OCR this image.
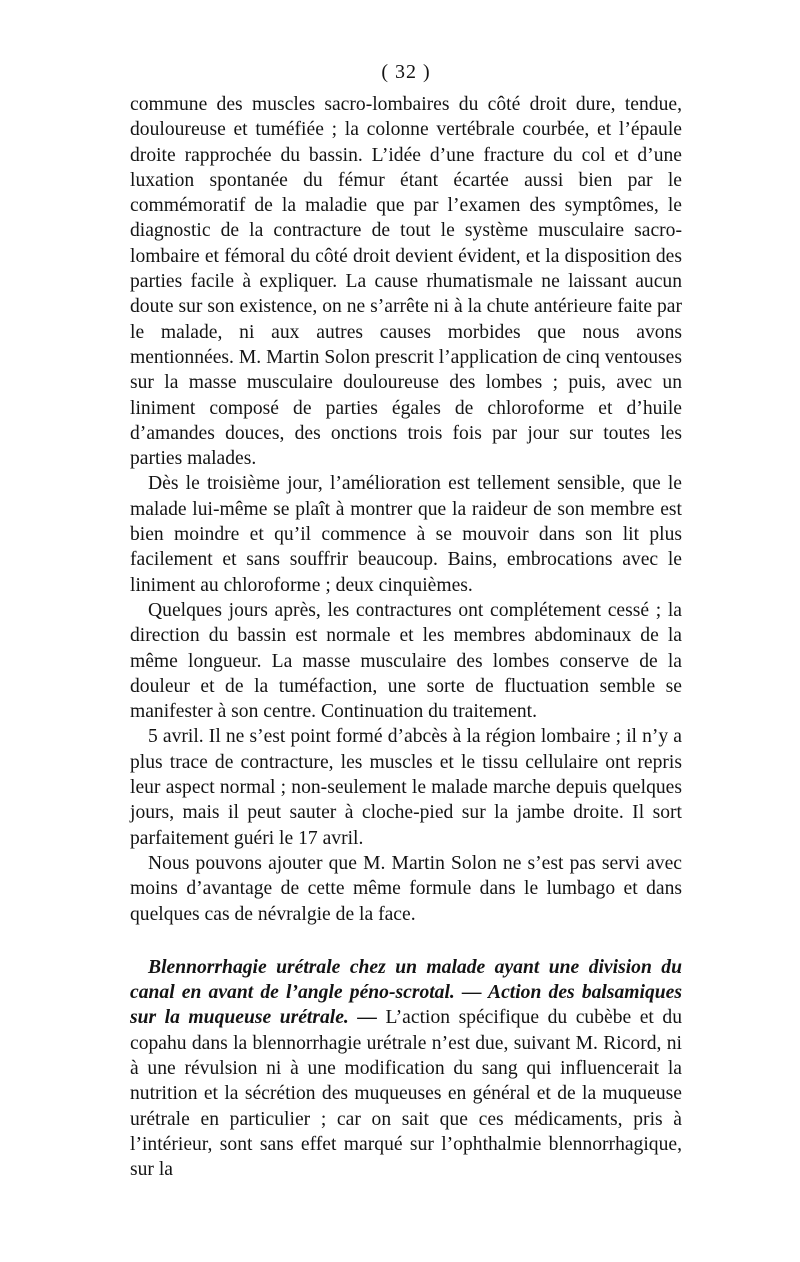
( 32 )

commune des muscles sacro-lombaires du côté droit dure, tendue, douloureuse et tuméfiée ; la colonne vertébrale courbée, et l’épaule droite rapprochée du bassin. L’idée d’une fracture du col et d’une luxation spontanée du fémur étant écartée aussi bien par le commémoratif de la maladie que par l’examen des symptômes, le diagnostic de la contracture de tout le système musculaire sacro-lombaire et fémoral du côté droit devient évident, et la disposition des parties facile à expliquer. La cause rhumatismale ne laissant aucun doute sur son existence, on ne s’arrête ni à la chute antérieure faite par le malade, ni aux autres causes morbides que nous avons mentionnées. M. Martin Solon prescrit l’application de cinq ventouses sur la masse musculaire douloureuse des lombes ; puis, avec un liniment composé de parties égales de chloroforme et d’huile d’amandes douces, des onctions trois fois par jour sur toutes les parties malades.

Dès le troisième jour, l’amélioration est tellement sensible, que le malade lui-même se plaît à montrer que la raideur de son membre est bien moindre et qu’il commence à se mouvoir dans son lit plus facilement et sans souffrir beaucoup. Bains, embrocations avec le liniment au chloroforme ; deux cinquièmes.

Quelques jours après, les contractures ont complétement cessé ; la direction du bassin est normale et les membres abdominaux de la même longueur. La masse musculaire des lombes conserve de la douleur et de la tuméfaction, une sorte de fluctuation semble se manifester à son centre. Continuation du traitement.

5 avril. Il ne s’est point formé d’abcès à la région lombaire ; il n’y a plus trace de contracture, les muscles et le tissu cellulaire ont repris leur aspect normal ; non-seulement le malade marche depuis quelques jours, mais il peut sauter à cloche-pied sur la jambe droite. Il sort parfaitement guéri le 17 avril.

Nous pouvons ajouter que M. Martin Solon ne s’est pas servi avec moins d’avantage de cette même formule dans le lumbago et dans quelques cas de névralgie de la face.

Blennorrhagie urétrale chez un malade ayant une division du canal en avant de l’angle péno-scrotal. — Action des balsamiques sur la muqueuse urétrale. — L’action spécifique du cubèbe et du copahu dans la blennorrhagie urétrale n’est due, suivant M. Ricord, ni à une révulsion ni à une modification du sang qui influencerait la nutrition et la sécrétion des muqueuses en général et de la muqueuse urétrale en particulier ; car on sait que ces médicaments, pris à l’intérieur, sont sans effet marqué sur l’ophthalmie blennorrhagique, sur la
